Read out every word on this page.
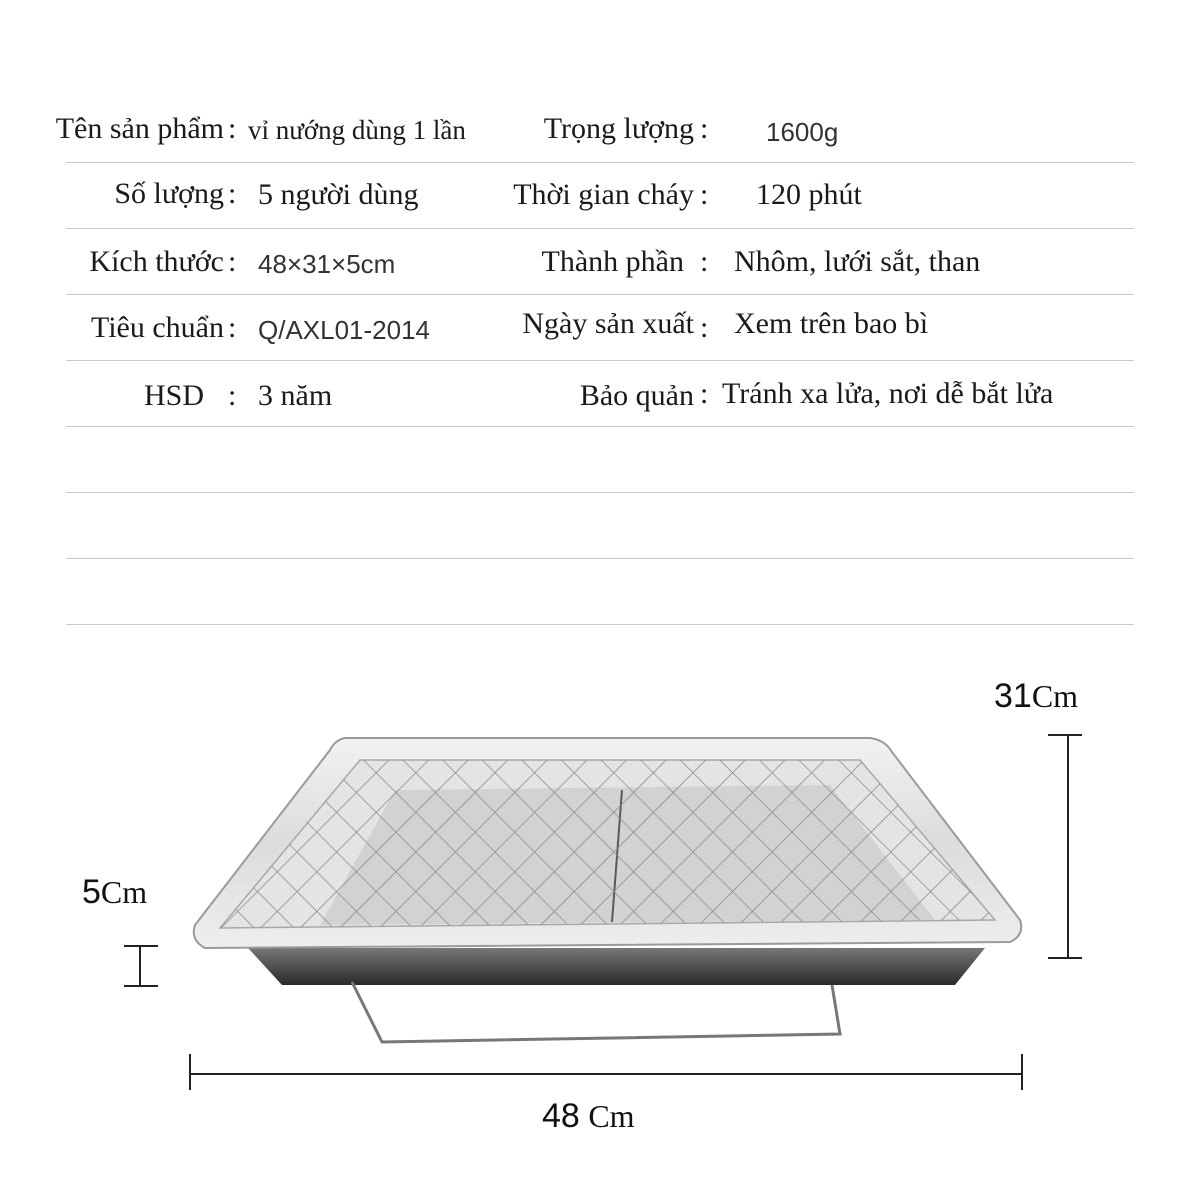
Tên sản phẩm : vỉ nướng dùng 1 lần	Trọng lượng : 1600g
Số lượng : 5 người dùng	Thời gian cháy : 120 phút
Kích thước : 48×31×5cm	Thành phần : Nhôm, lưới sắt, than
Tiêu chuẩn : Q/AXL01-2014	Ngày sản xuất : Xem trên bao bì
HSD : 3 năm	Bảo quản : Tránh xa lửa, nơi dễ bắt lửa
31Cm
5Cm
48 Cm
